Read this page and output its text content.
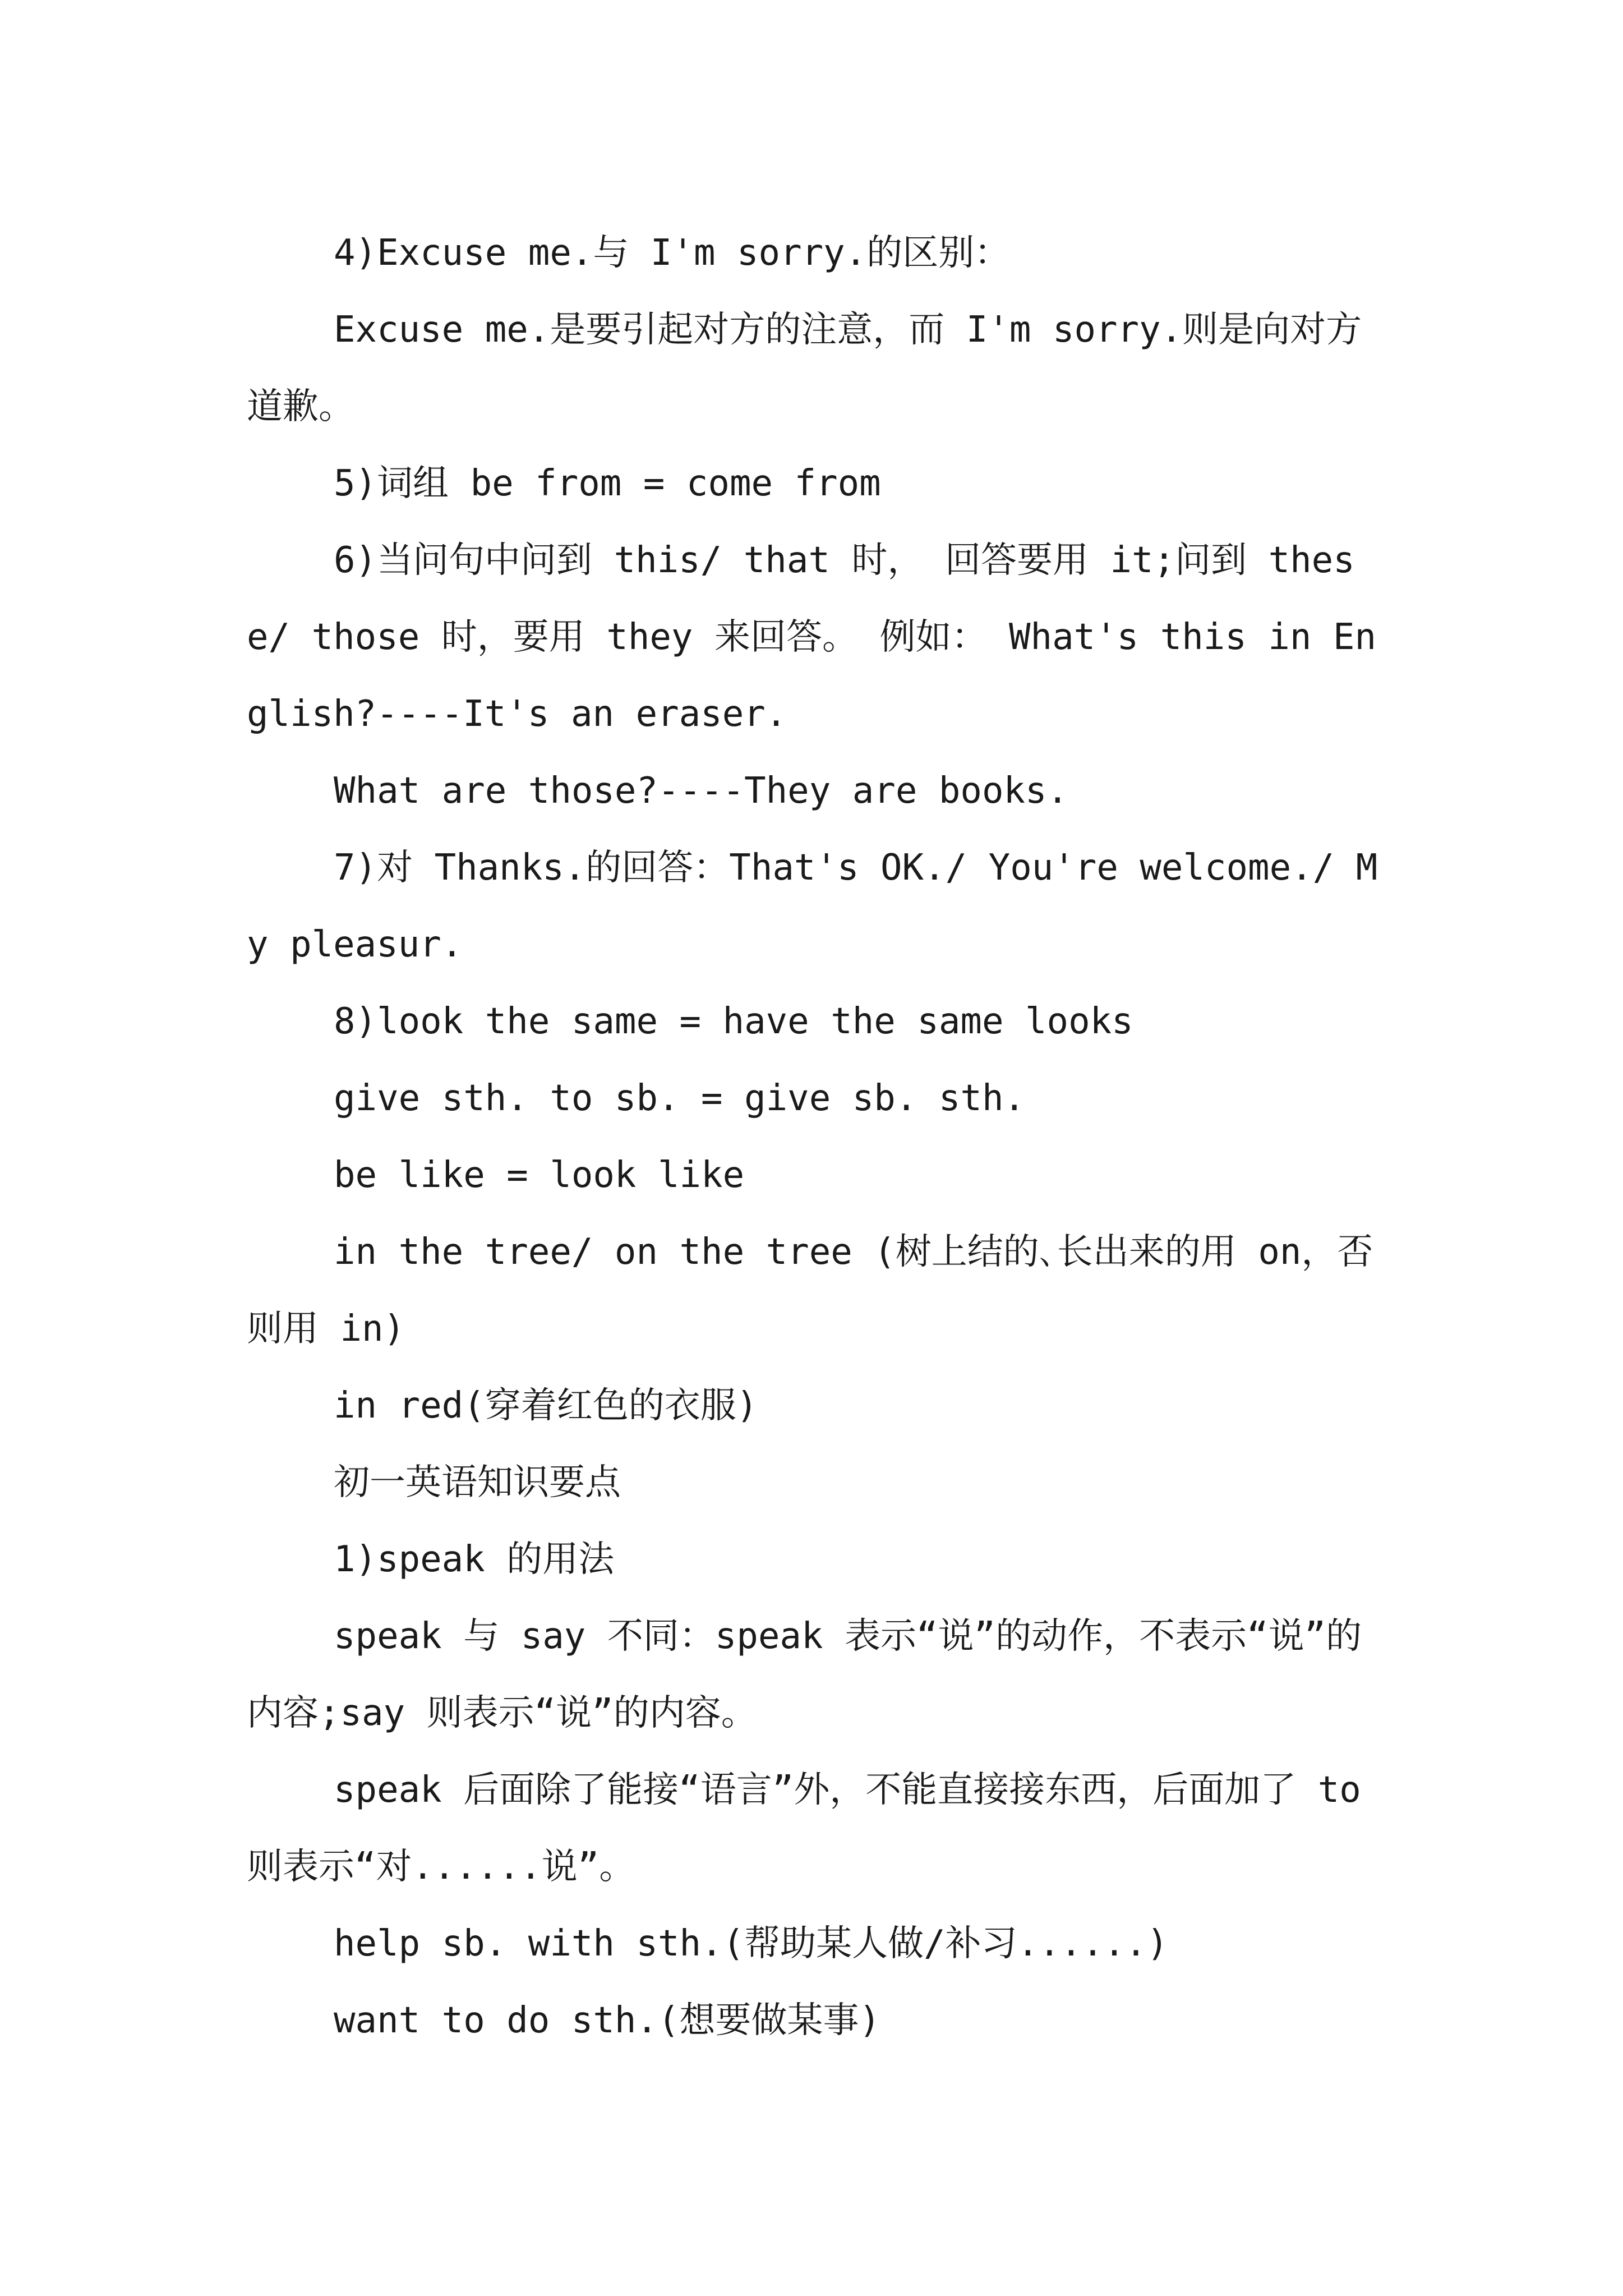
4)Excuse me.与 I'm sorry.的区别：

Excuse me.是要引起对方的注意，而 I'm sorry.则是向对方道歉。

5)词组 be from = come from

6)当问句中问到 this/ that 时， 回答要用 it;问到 these/ those 时，要用 they 来回答。 例如： What's this in English?----It's an eraser.

What are those?----They are books.

7)对 Thanks.的回答：That's OK./ You're welcome./ My pleasur.

8)look the same = have the same looks

give sth. to sb. = give sb. sth.

be like = look like

in the tree/ on the tree (树上结的､长出来的用 on，否则用 in)

in red(穿着红色的衣服)

初一英语知识要点

1)speak 的用法

speak 与 say 不同：speak 表示“说”的动作，不表示“说”的内容;say 则表示“说”的内容。

speak 后面除了能接“语言”外，不能直接接东西，后面加了 to 则表示“对......说”。

help sb. with sth.(帮助某人做/补习......)

want to do sth.(想要做某事)
